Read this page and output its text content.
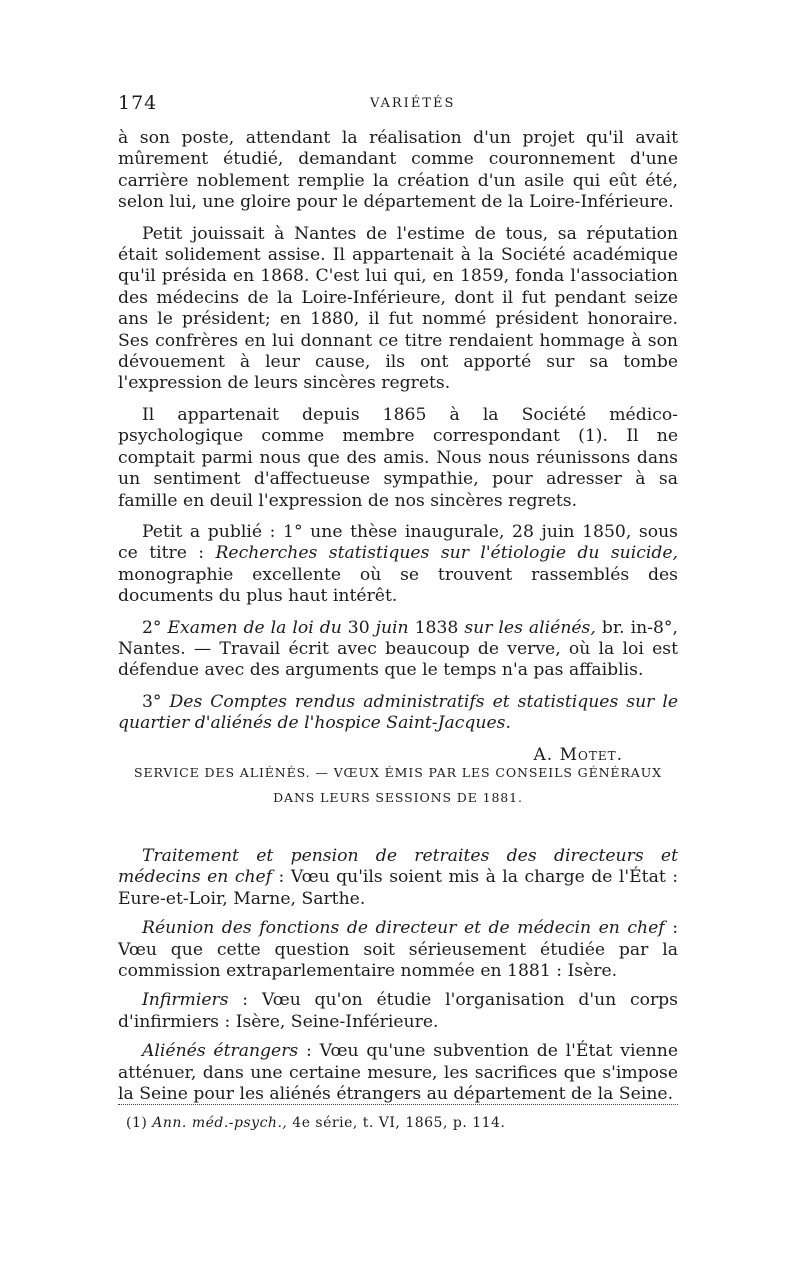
174	VARIÉTÉS

à son poste, attendant la réalisation d'un projet qu'il avait mûrement étudié, demandant comme couronnement d'une carrière noblement remplie la création d'un asile qui eût été, selon lui, une gloire pour le département de la Loire-Inférieure.

Petit jouissait à Nantes de l'estime de tous, sa réputation était solidement assise. Il appartenait à la Société académique qu'il présida en 1868. C'est lui qui, en 1859, fonda l'association des médecins de la Loire-Inférieure, dont il fut pendant seize ans le président; en 1880, il fut nommé président honoraire. Ses confrères en lui donnant ce titre rendaient hommage à son dévouement à leur cause, ils ont apporté sur sa tombe l'expression de leurs sincères regrets.

Il appartenait depuis 1865 à la Société médico-psychologique comme membre correspondant (1). Il ne comptait parmi nous que des amis. Nous nous réunissons dans un sentiment d'affectueuse sympathie, pour adresser à sa famille en deuil l'expression de nos sincères regrets.

Petit a publié : 1° une thèse inaugurale, 28 juin 1850, sous ce titre : Recherches statistiques sur l'étiologie du suicide, monographie excellente où se trouvent rassemblés des documents du plus haut intérêt.

2° Examen de la loi du 30 juin 1838 sur les aliénés, br. in-8°, Nantes. — Travail écrit avec beaucoup de verve, où la loi est défendue avec des arguments que le temps n'a pas affaiblis.

3° Des Comptes rendus administratifs et statistiques sur le quartier d'aliénés de l'hospice Saint-Jacques.

A. Motet.
SERVICE DES ALIÉNÉS. — VŒUX ÉMIS PAR LES CONSEILS GÉNÉRAUX
DANS LEURS SESSIONS DE 1881.

Traitement et pension de retraites des directeurs et médecins en chef : Vœu qu'ils soient mis à la charge de l'État : Eure-et-Loir, Marne, Sarthe.

Réunion des fonctions de directeur et de médecin en chef : Vœu que cette question soit sérieusement étudiée par la commission extraparlementaire nommée en 1881 : Isère.

Infirmiers : Vœu qu'on étudie l'organisation d'un corps d'infirmiers : Isère, Seine-Inférieure.

Aliénés étrangers : Vœu qu'une subvention de l'État vienne atténuer, dans une certaine mesure, les sacrifices que s'impose la Seine pour les aliénés étrangers au département de la Seine.

(1) Ann. méd.-psych., 4e série, t. VI, 1865, p. 114.
